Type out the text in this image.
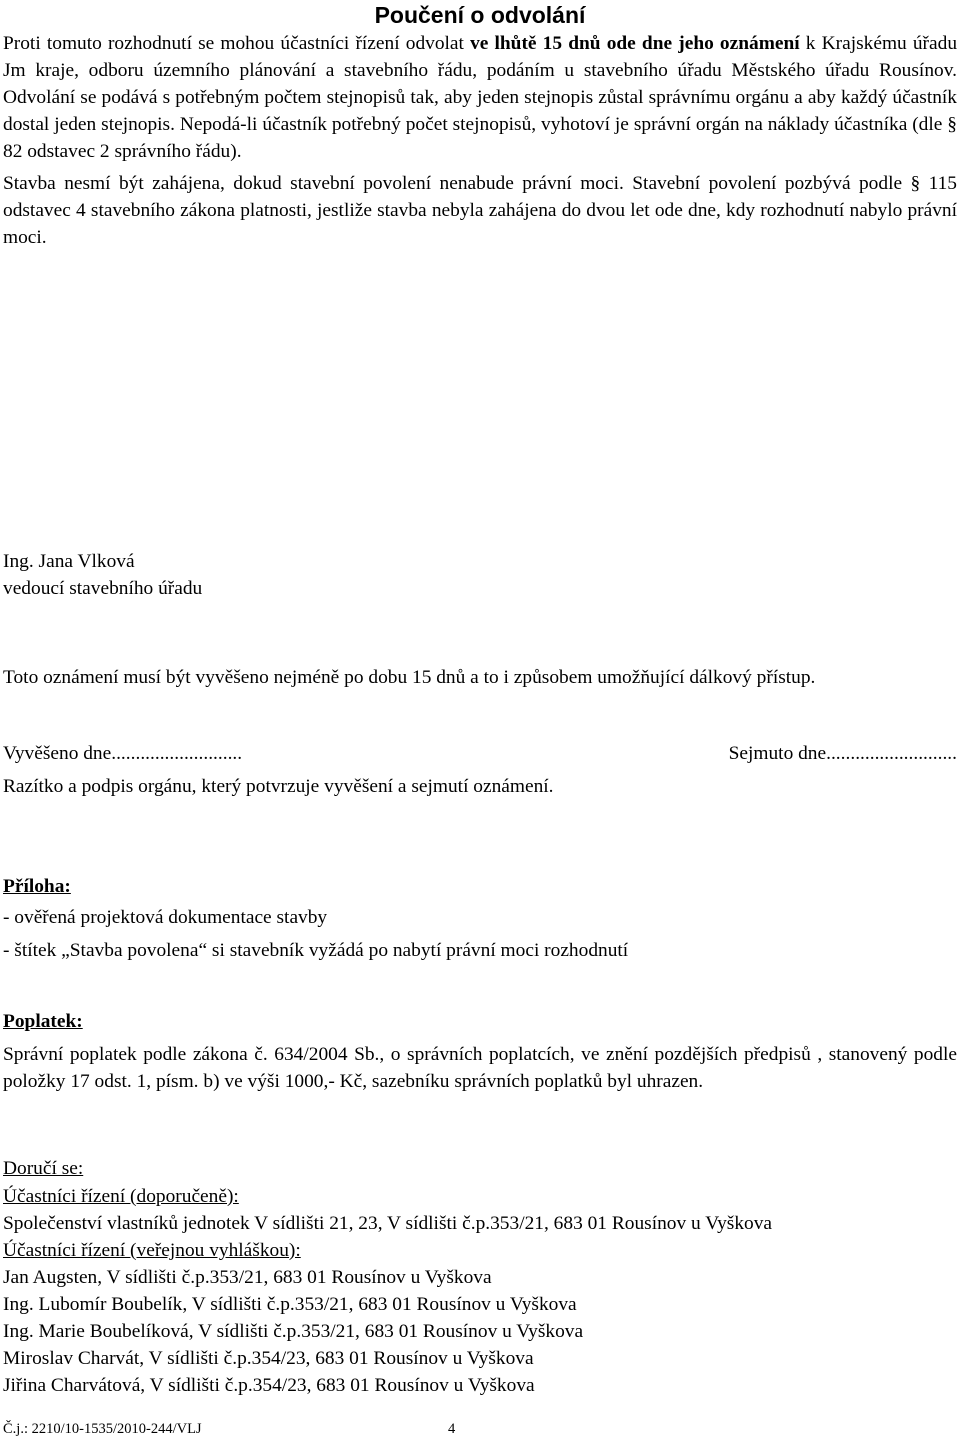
Poučení o odvolání

Proti tomuto rozhodnutí se mohou účastníci řízení odvolat ve lhůtě 15 dnů ode dne jeho oznámení k Krajskému úřadu Jm kraje, odboru územního plánování a stavebního řádu, podáním u stavebního úřadu Městského úřadu Rousínov. Odvolání se podává s potřebným počtem stejnopisů tak, aby jeden stejnopis zůstal správnímu orgánu a aby každý účastník dostal jeden stejnopis. Nepodá-li účastník potřebný počet stejnopisů, vyhotoví je správní orgán na náklady účastníka (dle § 82 odstavec 2 správního řádu).

Stavba nesmí být zahájena, dokud stavební povolení nenabude právní moci. Stavební povolení pozbývá podle § 115 odstavec 4 stavebního zákona platnosti, jestliže stavba nebyla zahájena do dvou let ode dne, kdy rozhodnutí nabylo právní moci.

Ing. Jana Vlková
vedoucí stavebního úřadu

Toto oznámení musí být vyvěšeno nejméně po dobu 15 dnů a to i způsobem umožňující dálkový přístup.

Vyvěšeno dne...........................	Sejmuto dne...........................
Razítko a podpis orgánu, který potvrzuje vyvěšení a sejmutí oznámení.
Příloha:
- ověřená projektová dokumentace stavby
- štítek „Stavba povolena“ si stavebník vyžádá po nabytí právní moci rozhodnutí
Poplatek:

Správní poplatek podle zákona č. 634/2004 Sb., o správních poplatcích, ve znění pozdějších předpisů , stanovený podle položky 17 odst. 1, písm. b) ve výši 1000,- Kč, sazebníku správních poplatků byl uhrazen.

Doručí se:
Účastníci řízení (doporučeně):
Společenství vlastníků jednotek V sídlišti 21, 23, V sídlišti č.p.353/21, 683 01 Rousínov u Vyškova
Účastníci řízení (veřejnou vyhláškou):
Jan Augsten, V sídlišti č.p.353/21, 683 01 Rousínov u Vyškova
Ing. Lubomír Boubelík, V sídlišti č.p.353/21, 683 01 Rousínov u Vyškova
Ing. Marie Boubelíková, V sídlišti č.p.353/21, 683 01 Rousínov u Vyškova
Miroslav Charvát, V sídlišti č.p.354/23, 683 01 Rousínov u Vyškova
Jiřina Charvátová, V sídlišti č.p.354/23, 683 01 Rousínov u Vyškova
Č.j.: 2210/10-1535/2010-244/VLJ	4
